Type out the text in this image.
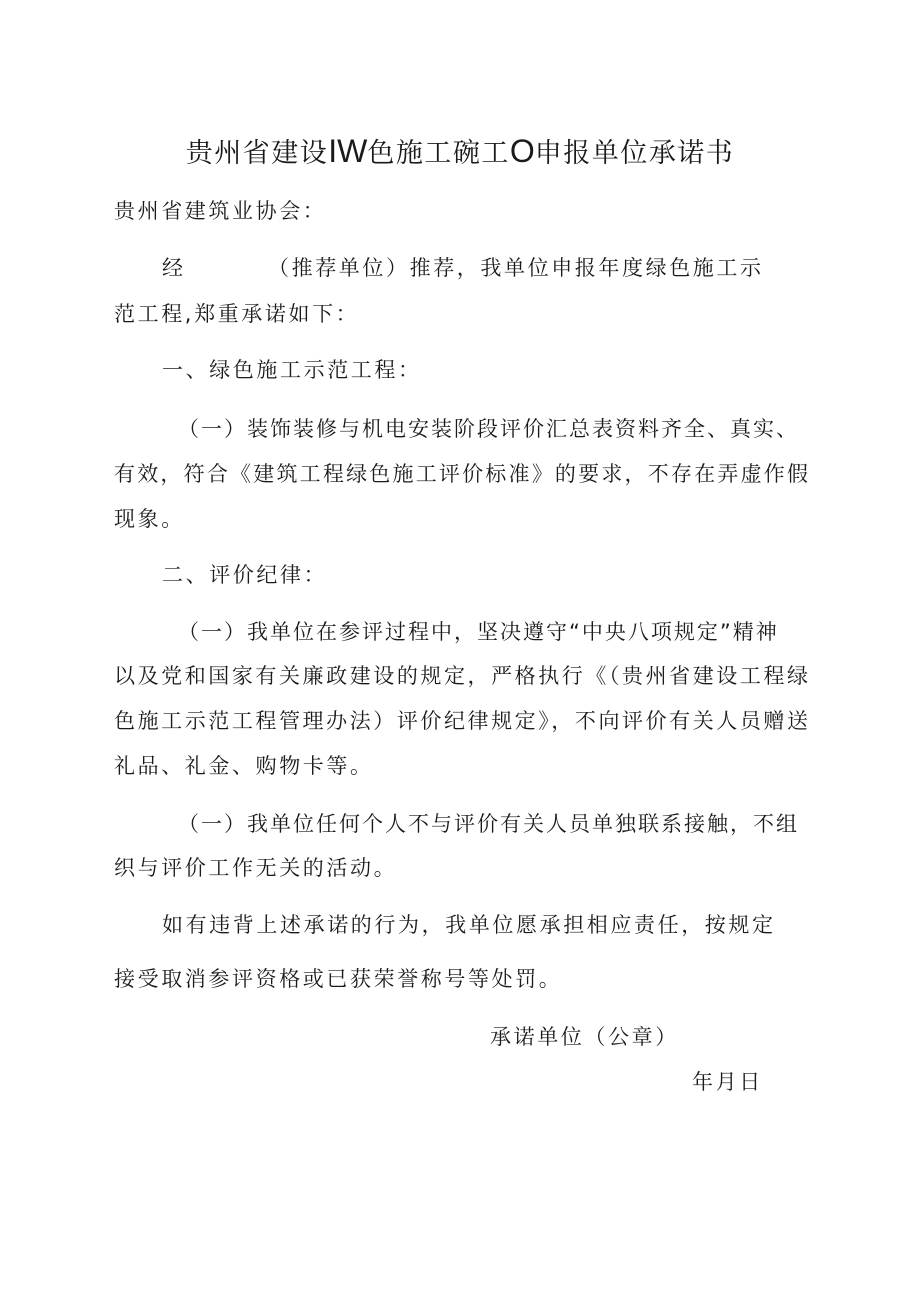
贵州省建设IW色施工碗工O申报单位承诺书
贵州省建筑业协会：
经	（推荐单位）推荐，我单位申报年度绿色施工示
范工程,郑重承诺如下：
一、绿色施工示范工程：
（一）装饰装修与机电安装阶段评价汇总表资料齐全、真实、
有效，符合《建筑工程绿色施工评价标准》的要求，不存在弄虚作假
现象。
二、评价纪律：
（一）我单位在参评过程中，坚决遵守“中央八项规定”精神
以及党和国家有关廉政建设的规定，严格执行《（贵州省建设工程绿
色施工示范工程管理办法）评价纪律规定》，不向评价有关人员赠送
礼品、礼金、购物卡等。
（一）我单位任何个人不与评价有关人员单独联系接触，不组
织与评价工作无关的活动。
如有违背上述承诺的行为，我单位愿承担相应责任，按规定
接受取消参评资格或已获荣誉称号等处罚。
承诺单位（公章）
年月日
